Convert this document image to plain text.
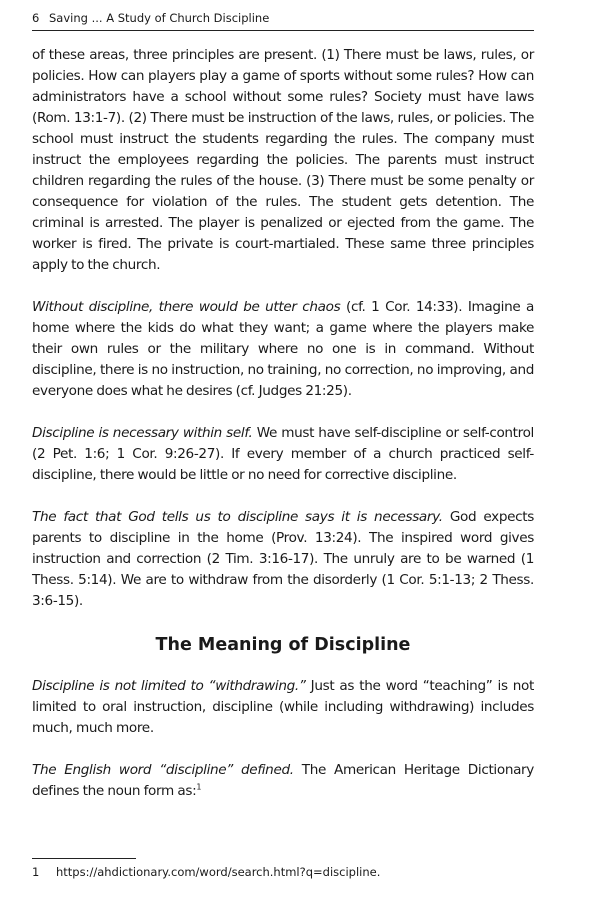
6 Saving ... A Study of Church Discipline

of these areas, three principles are present. (1) There must be laws, rules, or policies. How can players play a game of sports without some rules? How can administrators have a school without some rules? Society must have laws (Rom. 13:1-7). (2) There must be instruction of the laws, rules, or policies. The school must instruct the students regarding the rules. The company must instruct the employees regarding the policies. The parents must instruct children regarding the rules of the house. (3) There must be some penalty or consequence for violation of the rules. The student gets detention. The criminal is arrested. The player is penalized or ejected from the game. The worker is fired. The private is court-martialed. These same three principles apply to the church.

Without discipline, there would be utter chaos (cf. 1 Cor. 14:33). Imagine a home where the kids do what they want; a game where the players make their own rules or the military where no one is in command. Without discipline, there is no instruction, no training, no correction, no improving, and everyone does what he desires (cf. Judges 21:25).

Discipline is necessary within self. We must have self-discipline or self-control (2 Pet. 1:6; 1 Cor. 9:26-27). If every member of a church practiced self-discipline, there would be little or no need for corrective discipline.

The fact that God tells us to discipline says it is necessary. God expects parents to discipline in the home (Prov. 13:24). The inspired word gives instruction and correction (2 Tim. 3:16-17). The unruly are to be warned (1 Thess. 5:14). We are to withdraw from the disorderly (1 Cor. 5:1-13; 2 Thess. 3:6-15).

The Meaning of Discipline

Discipline is not limited to “withdrawing.” Just as the word “teaching” is not limited to oral instruction, discipline (while including withdrawing) includes much, much more.

The English word “discipline” defined. The American Heritage Dictionary defines the noun form as:$^1$

1 https://ahdictionary.com/word/search.html?q=discipline.
